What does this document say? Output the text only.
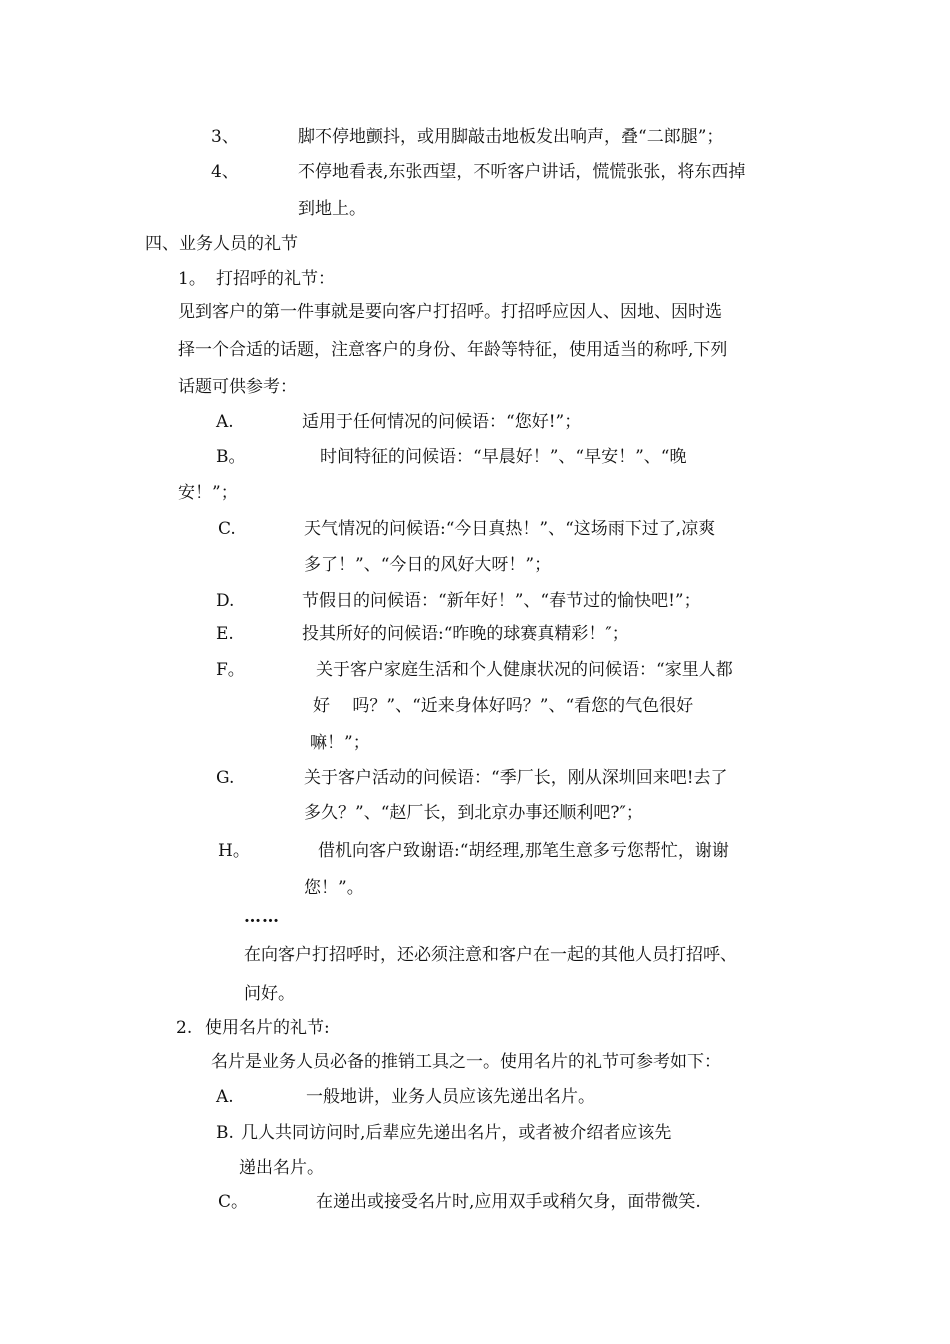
3、	脚不停地颤抖，或用脚敲击地板发出响声，叠“二郎腿”；
4、	不停地看表,东张西望，不听客户讲话，慌慌张张，将东西掉
到地上。
四、业务人员的礼节
1。 打招呼的礼节：
见到客户的第一件事就是要向客户打招呼。打招呼应因人、因地、因时选
择一个合适的话题，注意客户的身份、年龄等特征，使用适当的称呼,下列
话题可供参考：
A.	适用于任何情况的问候语：“您好!”；
B。	时间特征的问候语：“早晨好！”、“早安！”、“晚
安！”；
C.	天气情况的问候语:“今日真热！”、“这场雨下过了,凉爽
多了！”、“今日的风好大呀！”；
D.	节假日的问候语：“新年好！”、“春节过的愉快吧!”；
E.	投其所好的问候语:“昨晚的球赛真精彩！″；
F。	关于客户家庭生活和个人健康状况的问候语：“家里人都
好　 吗？”、“近来身体好吗？”、“看您的气色很好
嘛！”；
G.	关于客户活动的问候语：“季厂长，刚从深圳回来吧!去了
多久？”、“赵厂长，到北京办事还顺利吧?″；
H。	借机向客户致谢语:“胡经理,那笔生意多亏您帮忙，谢谢
您！”。
……
在向客户打招呼时，还必须注意和客户在一起的其他人员打招呼、
问好。
2. 使用名片的礼节:
名片是业务人员必备的推销工具之一。使用名片的礼节可参考如下：
A.	一般地讲，业务人员应该先递出名片。
B. 几人共同访问时,后辈应先递出名片，或者被介绍者应该先
递出名片。
C。	在递出或接受名片时,应用双手或稍欠身，面带微笑.
